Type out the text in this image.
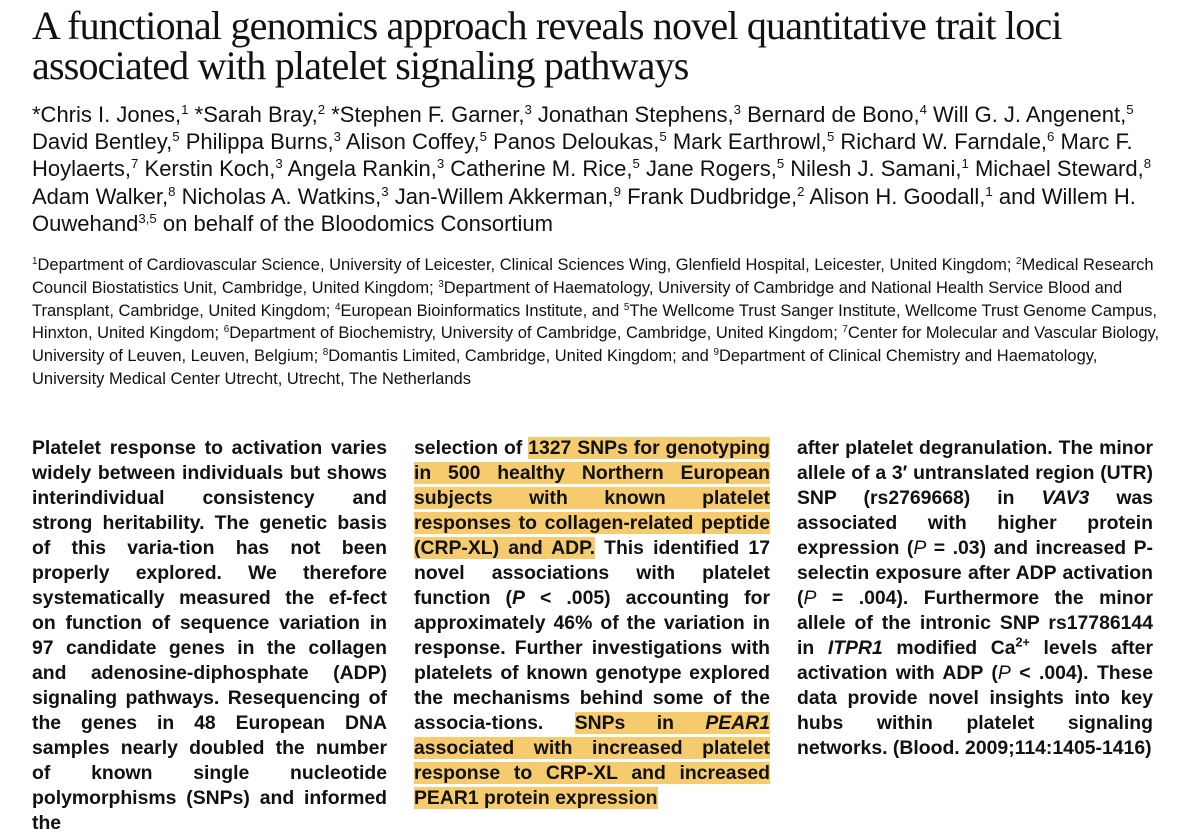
A functional genomics approach reveals novel quantitative trait loci associated with platelet signaling pathways
*Chris I. Jones,$^1$ *Sarah Bray,$^2$ *Stephen F. Garner,$^3$ Jonathan Stephens,$^3$ Bernard de Bono,$^4$ Will G. J. Angenent,$^5$ David Bentley,$^5$ Philippa Burns,$^3$ Alison Coffey,$^5$ Panos Deloukas,$^5$ Mark Earthrowl,$^5$ Richard W. Farndale,$^6$ Marc F. Hoylaerts,$^7$ Kerstin Koch,$^3$ Angela Rankin,$^3$ Catherine M. Rice,$^5$ Jane Rogers,$^5$ Nilesh J. Samani,$^1$ Michael Steward,$^8$ Adam Walker,$^8$ Nicholas A. Watkins,$^3$ Jan-Willem Akkerman,$^9$ Frank Dudbridge,$^2$ Alison H. Goodall,$^1$ and Willem H. Ouwehand$^{3,5}$ on behalf of the Bloodomics Consortium
$^1$Department of Cardiovascular Science, University of Leicester, Clinical Sciences Wing, Glenfield Hospital, Leicester, United Kingdom; $^2$Medical Research Council Biostatistics Unit, Cambridge, United Kingdom; $^3$Department of Haematology, University of Cambridge and National Health Service Blood and Transplant, Cambridge, United Kingdom; $^4$European Bioinformatics Institute, and $^5$The Wellcome Trust Sanger Institute, Wellcome Trust Genome Campus, Hinxton, United Kingdom; $^6$Department of Biochemistry, University of Cambridge, Cambridge, United Kingdom; $^7$Center for Molecular and Vascular Biology, University of Leuven, Leuven, Belgium; $^8$Domantis Limited, Cambridge, United Kingdom; and $^9$Department of Clinical Chemistry and Haematology, University Medical Center Utrecht, Utrecht, The Netherlands
Platelet response to activation varies widely between individuals but shows interindividual consistency and strong heritability. The genetic basis of this varia-tion has not been properly explored. We therefore systematically measured the ef-fect on function of sequence variation in 97 candidate genes in the collagen and adenosine-diphosphate (ADP) signaling pathways. Resequencing of the genes in 48 European DNA samples nearly doubled the number of known single nucleotide polymorphisms (SNPs) and informed the
selection of 1327 SNPs for genotyping in 500 healthy Northern European subjects with known platelet responses to collagen-related peptide (CRP-XL) and ADP. This identified 17 novel associations with platelet function (P < .005) accounting for approximately 46% of the variation in response. Further investigations with platelets of known genotype explored the mechanisms behind some of the associa-tions. SNPs in PEAR1 associated with increased platelet response to CRP-XL and increased PEAR1 protein expression
after platelet degranulation. The minor allele of a 3′ untranslated region (UTR) SNP (rs2769668) in VAV3 was associated with higher protein expression (P = .03) and increased P-selectin exposure after ADP activation (P = .004). Furthermore the minor allele of the intronic SNP rs17786144 in ITPR1 modified $Ca^{2+}$ levels after activation with ADP (P < .004). These data provide novel insights into key hubs within platelet signaling networks. (Blood. 2009;114:1405-1416)
